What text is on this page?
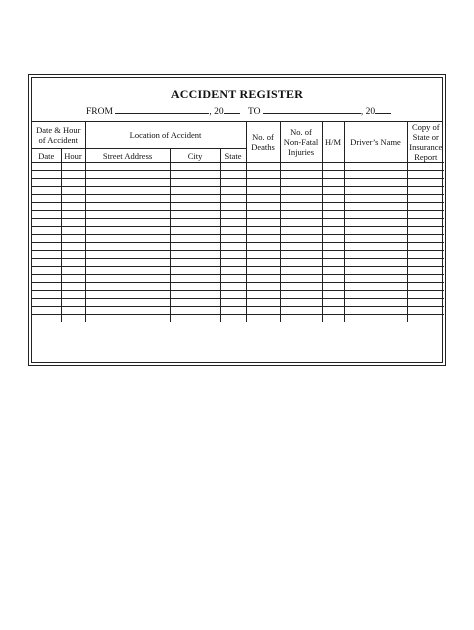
ACCIDENT REGISTER
FROM	, 20	TO	, 20
Date & Hour of Accident		Location of Accident			No. of Deaths	No. of Non-Fatal Injuries	H/M	Driver’s Name	Copy of State or Insurance Report
Date	Hour	Street Address	City	State					
